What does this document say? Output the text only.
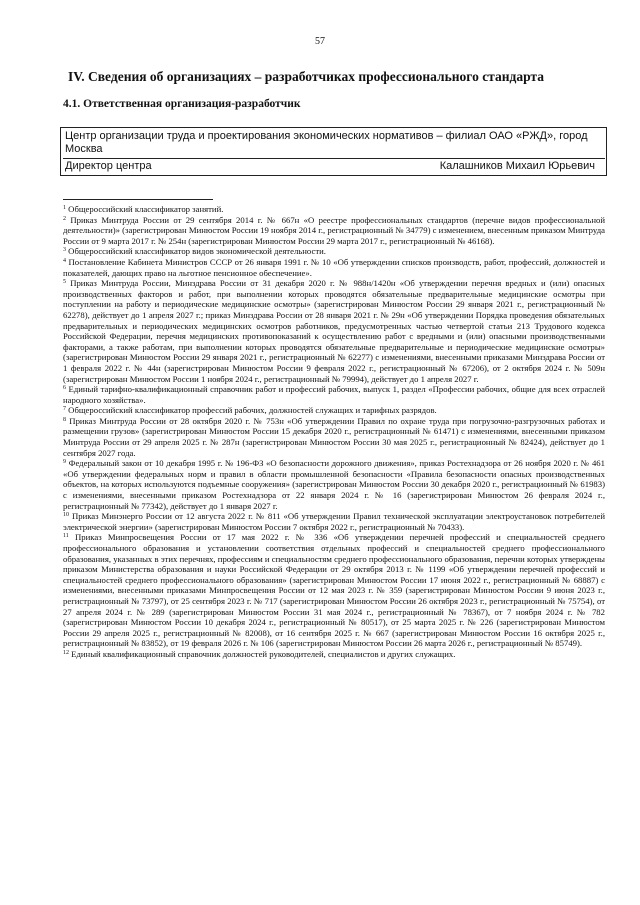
57
IV. Сведения об организациях – разработчиках профессионального стандарта
4.1. Ответственная организация-разработчик
Центр организации труда и проектирования экономических нормативов – филиал ОАО «РЖД», город Москва
Директор центра	Калашников Михаил Юрьевич

$^1$ Общероссийский классификатор занятий.

$^2$ Приказ Минтруда России от 29 сентября 2014 г. № 667н «О реестре профессиональных стандартов (перечне видов профессиональной деятельности)» (зарегистрирован Минюстом России 19 ноября 2014 г., регистрационный № 34779) с изменением, внесенным приказом Минтруда России от 9 марта 2017 г. № 254н (зарегистрирован Минюстом России 29 марта 2017 г., регистрационный № 46168).

$^3$ Общероссийский классификатор видов экономической деятельности.

$^4$ Постановление Кабинета Министров СССР от 26 января 1991 г. № 10 «Об утверждении списков производств, работ, профессий, должностей и показателей, дающих право на льготное пенсионное обеспечение».

$^5$ Приказ Минтруда России, Минздрава России от 31 декабря 2020 г. № 988н/1420н «Об утверждении перечня вредных и (или) опасных производственных факторов и работ, при выполнении которых проводятся обязательные предварительные медицинские осмотры при поступлении на работу и периодические медицинские осмотры» (зарегистрирован Минюстом России 29 января 2021 г., регистрационный № 62278), действует до 1 апреля 2027 г.; приказ Минздрава России от 28 января 2021 г. № 29н «Об утверждении Порядка проведения обязательных предварительных и периодических медицинских осмотров работников, предусмотренных частью четвертой статьи 213 Трудового кодекса Российской Федерации, перечня медицинских противопоказаний к осуществлению работ с вредными и (или) опасными производственными факторами, а также работам, при выполнении которых проводятся обязательные предварительные и периодические медицинские осмотры» (зарегистрирован Минюстом России 29 января 2021 г., регистрационный № 62277) с изменениями, внесенными приказами Минздрава России от 1 февраля 2022 г. № 44н (зарегистрирован Минюстом России 9 февраля 2022 г., регистрационный № 67206), от 2 октября 2024 г. № 509н (зарегистрирован Минюстом России 1 ноября 2024 г., регистрационный № 79994), действует до 1 апреля 2027 г.

$^6$ Единый тарифно-квалификационный справочник работ и профессий рабочих, выпуск 1, раздел «Профессии рабочих, общие для всех отраслей народного хозяйства».

$^7$ Общероссийский классификатор профессий рабочих, должностей служащих и тарифных разрядов.

$^8$ Приказ Минтруда России от 28 октября 2020 г. № 753н «Об утверждении Правил по охране труда при погрузочно-разгрузочных работах и размещении грузов» (зарегистрирован Минюстом России 15 декабря 2020 г., регистрационный № 61471) с изменениями, внесенными приказом Минтруда России от 29 апреля 2025 г. № 287н (зарегистрирован Минюстом России 30 мая 2025 г., регистрационный № 82424), действует до 1 сентября 2027 года.

$^9$ Федеральный закон от 10 декабря 1995 г. № 196-ФЗ «О безопасности дорожного движения», приказ Ростехнадзора от 26 ноября 2020 г. № 461 «Об утверждении федеральных норм и правил в области промышленной безопасности «Правила безопасности опасных производственных объектов, на которых используются подъемные сооружения» (зарегистрирован Минюстом России 30 декабря 2020 г., регистрационный № 61983) с изменениями, внесенными приказом Ростехнадзора от 22 января 2024 г. № 16 (зарегистрирован Минюстом 26 февраля 2024 г., регистрационный № 77342), действует до 1 января 2027 г.

$^{10}$ Приказ Минэнерго России от 12 августа 2022 г. № 811 «Об утверждении Правил технической эксплуатации электроустановок потребителей электрической энергии» (зарегистрирован Минюстом России 7 октября 2022 г., регистрационный № 70433).

$^{11}$ Приказ Минпросвещения России от 17 мая 2022 г. № 336 «Об утверждении перечней профессий и специальностей среднего профессионального образования и установлении соответствия отдельных профессий и специальностей среднего профессионального образования, указанных в этих перечнях, профессиям и специальностям среднего профессионального образования, перечни которых утверждены приказом Министерства образования и науки Российской Федерации от 29 октября 2013 г. № 1199 «Об утверждении перечней профессий и специальностей среднего профессионального образования» (зарегистрирован Минюстом России 17 июня 2022 г., регистрационный № 68887) с изменениями, внесенными приказами Минпросвещения России от 12 мая 2023 г. № 359 (зарегистрирован Минюстом России 9 июня 2023 г., регистрационный № 73797), от 25 сентября 2023 г. № 717 (зарегистрирован Минюстом России 26 октября 2023 г., регистрационный № 75754), от 27 апреля 2024 г. № 289 (зарегистрирован Минюстом России 31 мая 2024 г., регистрационный № 78367), от 7 ноября 2024 г. № 782 (зарегистрирован Минюстом России 10 декабря 2024 г., регистрационный № 80517), от 25 марта 2025 г. № 226 (зарегистрирован Минюстом России 29 апреля 2025 г., регистрационный № 82008), от 16 сентября 2025 г. № 667 (зарегистрирован Минюстом России 16 октября 2025 г., регистрационный № 83852), от 19 февраля 2026 г. № 106 (зарегистрирован Минюстом России 26 марта 2026 г., регистрационный № 85749).

$^{12}$ Единый квалификационный справочник должностей руководителей, специалистов и других служащих.
